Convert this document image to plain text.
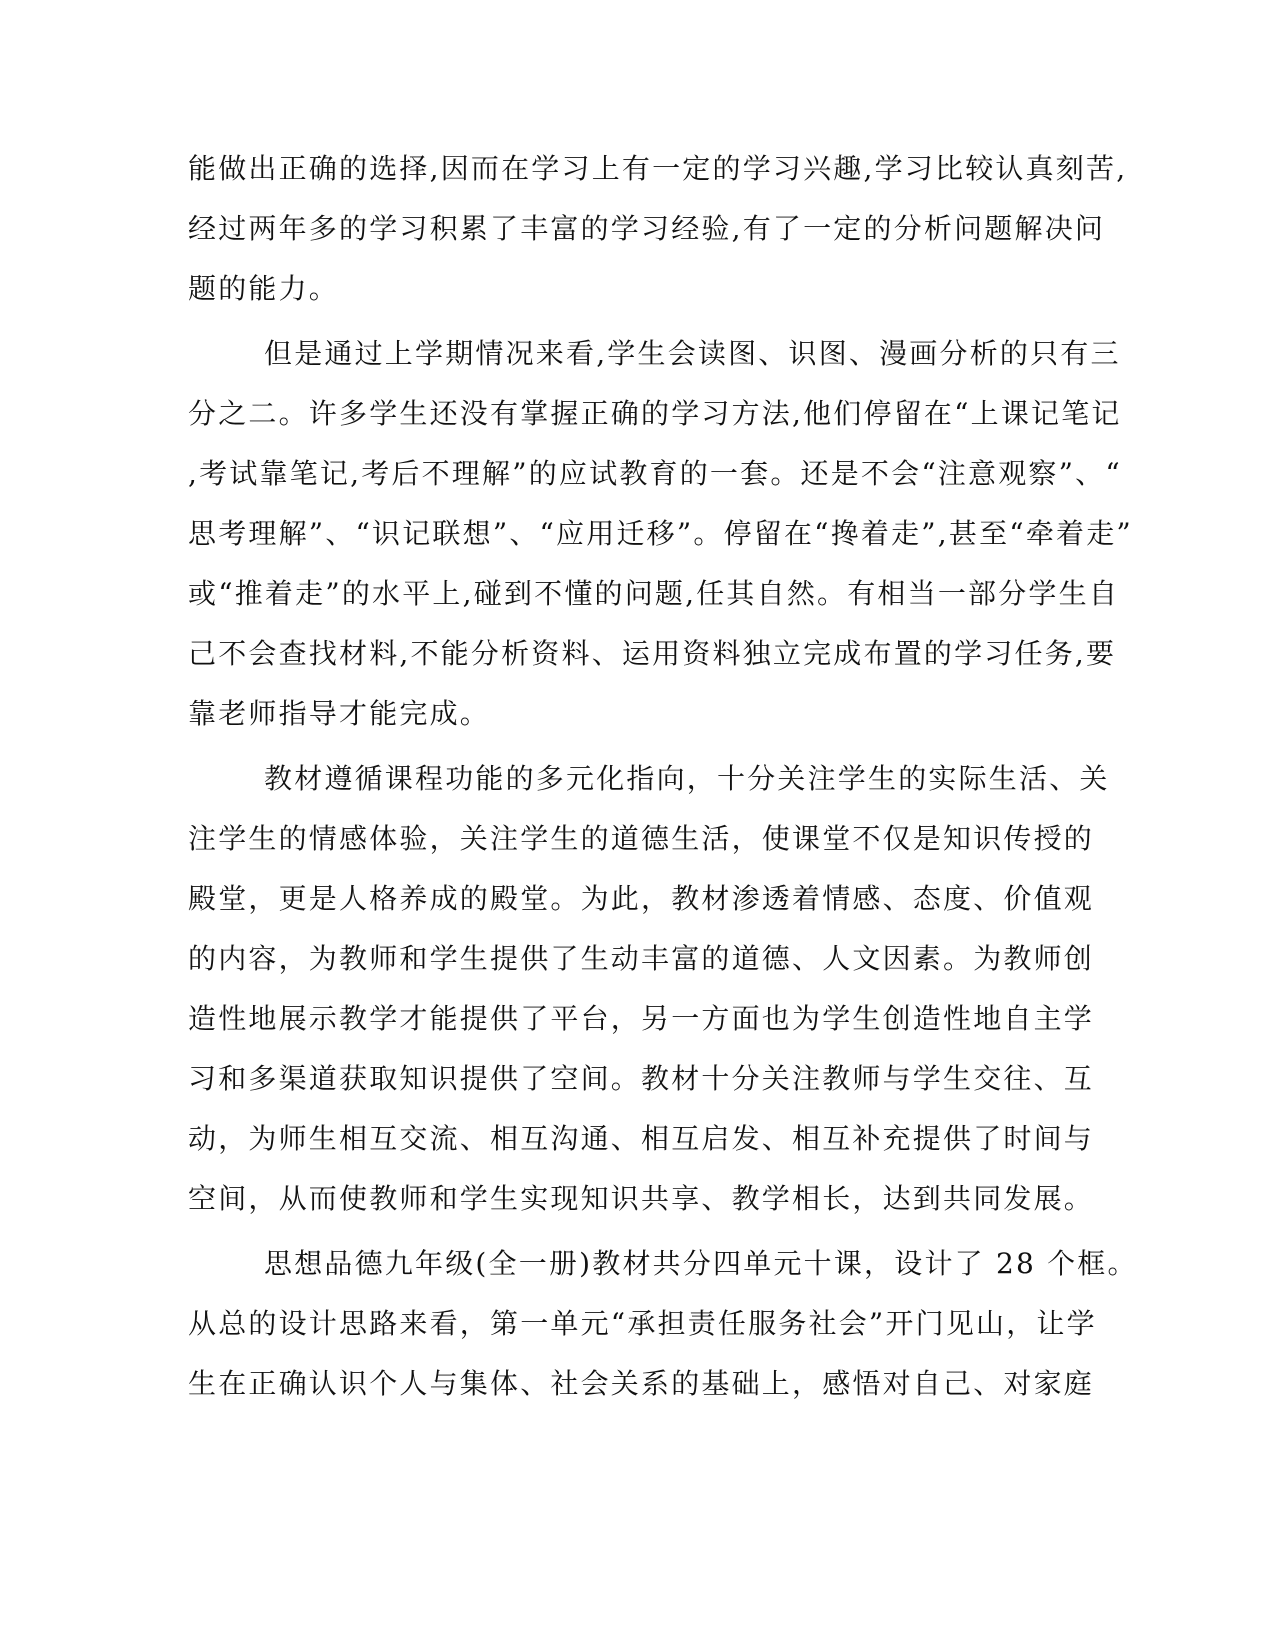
能做出正确的选择,因而在学习上有一定的学习兴趣,学习比较认真刻苦,
经过两年多的学习积累了丰富的学习经验,有了一定的分析问题解决问
题的能力。
但是通过上学期情况来看,学生会读图、识图、漫画分析的只有三
分之二。许多学生还没有掌握正确的学习方法,他们停留在“上课记笔记
,考试靠笔记,考后不理解”的应试教育的一套。还是不会“注意观察”、“
思考理解”、“识记联想”、“应用迁移”。停留在“搀着走”,甚至“牵着走”
或“推着走”的水平上,碰到不懂的问题,任其自然。有相当一部分学生自
己不会查找材料,不能分析资料、运用资料独立完成布置的学习任务,要
靠老师指导才能完成。
教材遵循课程功能的多元化指向，十分关注学生的实际生活、关
注学生的情感体验，关注学生的道德生活，使课堂不仅是知识传授的
殿堂，更是人格养成的殿堂。为此，教材渗透着情感、态度、价值观
的内容，为教师和学生提供了生动丰富的道德、人文因素。为教师创
造性地展示教学才能提供了平台，另一方面也为学生创造性地自主学
习和多渠道获取知识提供了空间。教材十分关注教师与学生交往、互
动，为师生相互交流、相互沟通、相互启发、相互补充提供了时间与
空间，从而使教师和学生实现知识共享、教学相长，达到共同发展。
思想品德九年级(全一册)教材共分四单元十课，设计了 28 个框。
从总的设计思路来看，第一单元“承担责任服务社会”开门见山，让学
生在正确认识个人与集体、社会关系的基础上，感悟对自己、对家庭
